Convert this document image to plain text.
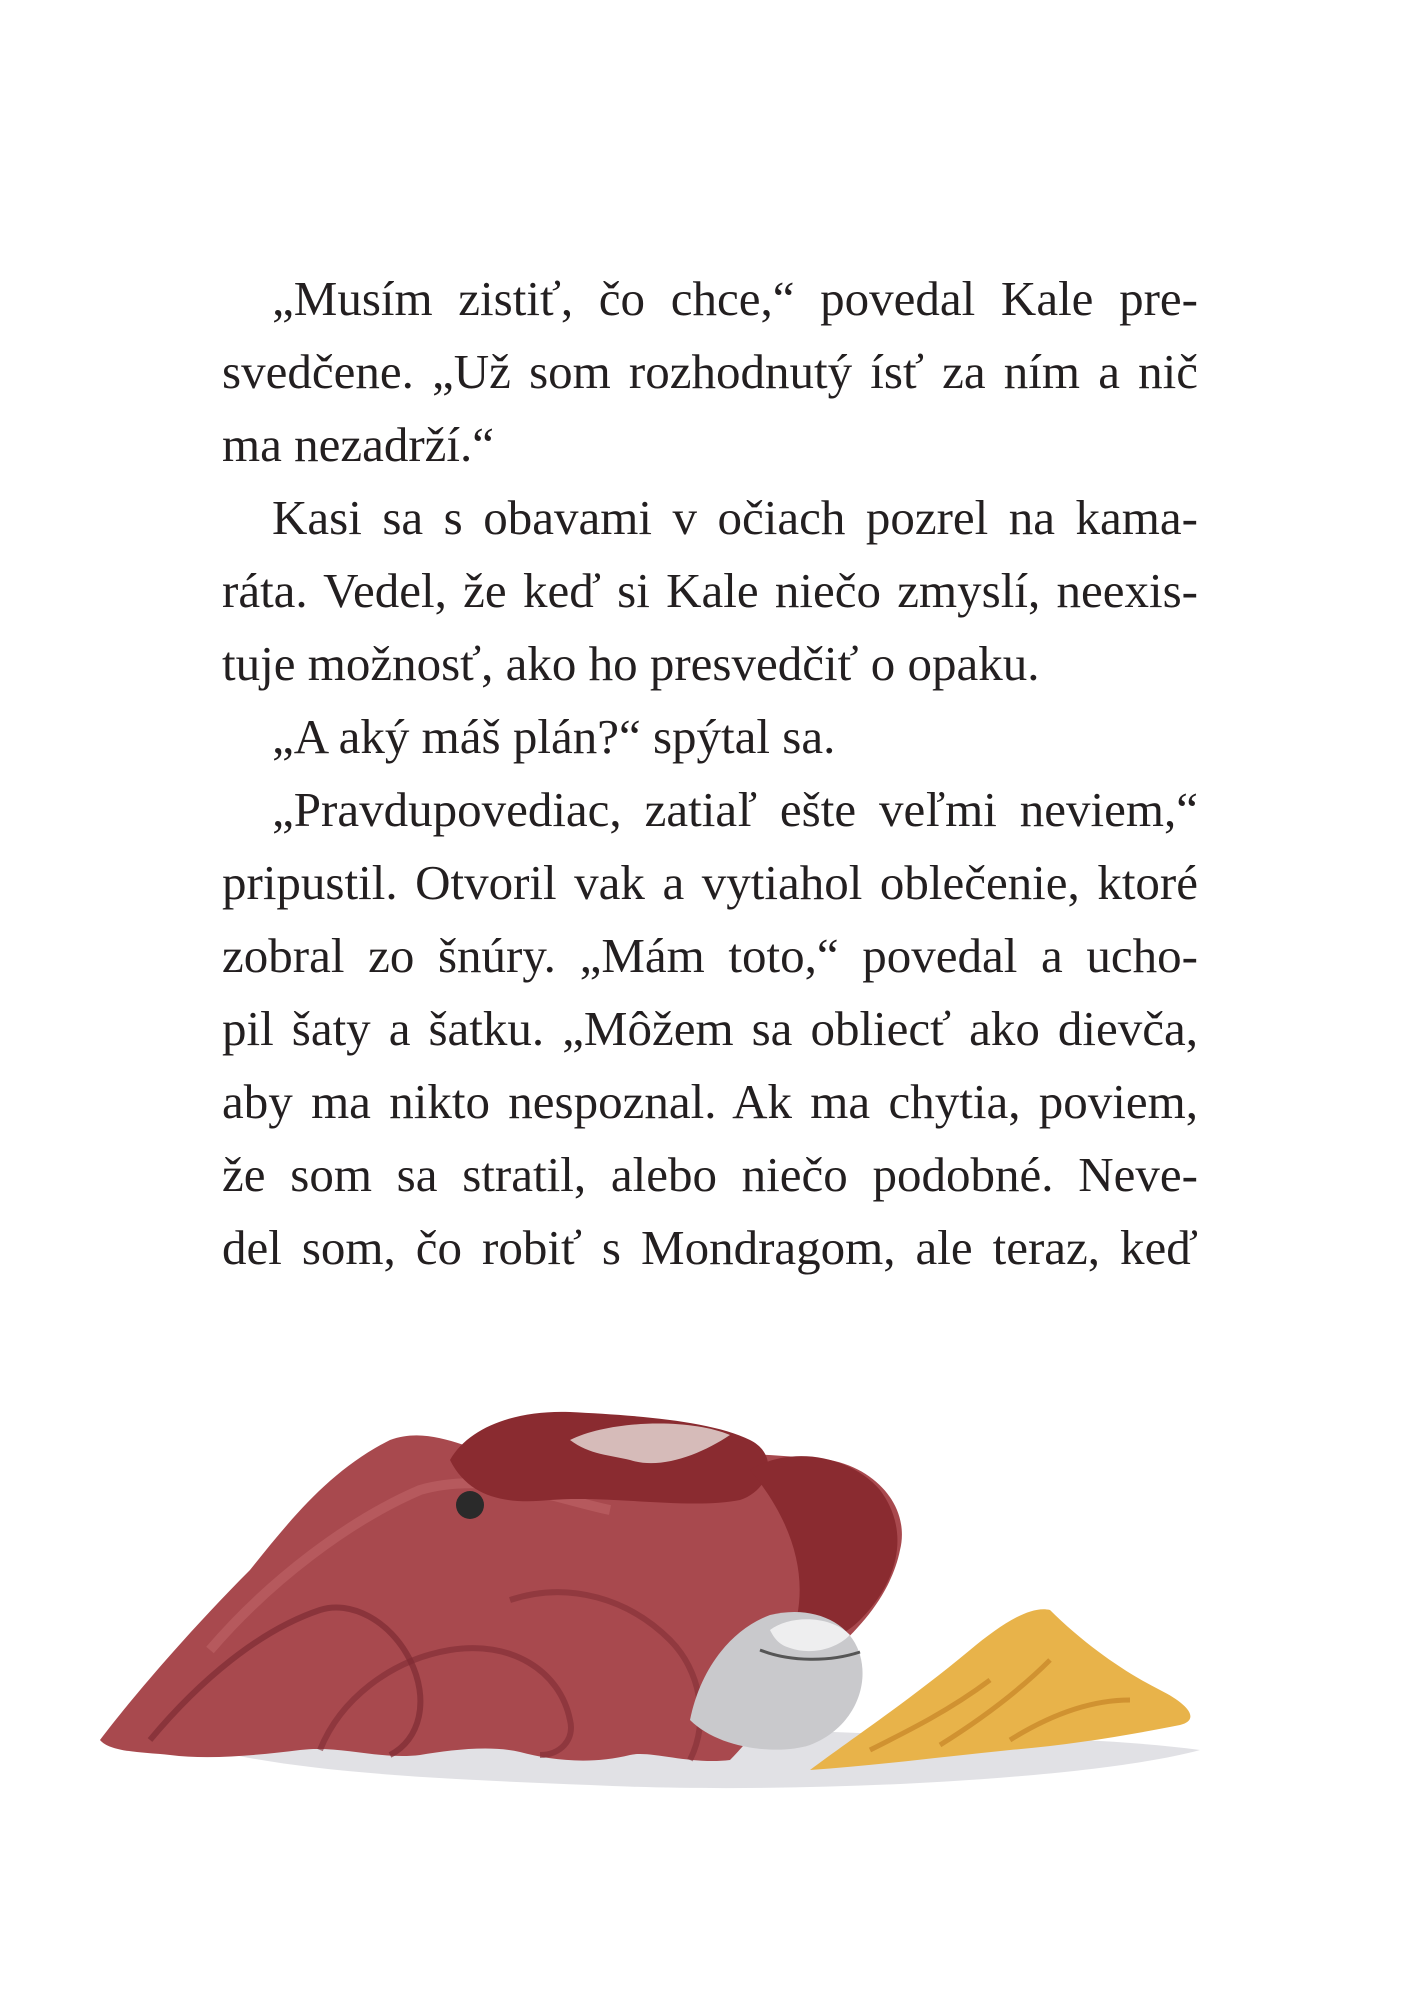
„Musím zistiť, čo chce,“ povedal Kale pre-
svedčene. „Už som rozhodnutý ísť za ním a nič
ma nezadrží.“
Kasi sa s obavami v očiach pozrel na kama-
ráta. Vedel, že keď si Kale niečo zmyslí, neexis-
tuje možnosť, ako ho presvedčiť o opaku.
„A aký máš plán?“ spýtal sa.
„Pravdupovediac, zatiaľ ešte veľmi neviem,“
pripustil. Otvoril vak a vytiahol oblečenie, ktoré
zobral zo šnúry. „Mám toto,“ povedal a ucho-
pil šaty a šatku. „Môžem sa obliecť ako dievča,
aby ma nikto nespoznal. Ak ma chytia, poviem,
že som sa stratil, alebo niečo podobné. Neve-
del som, čo robiť s Mondragom, ale teraz, keď
